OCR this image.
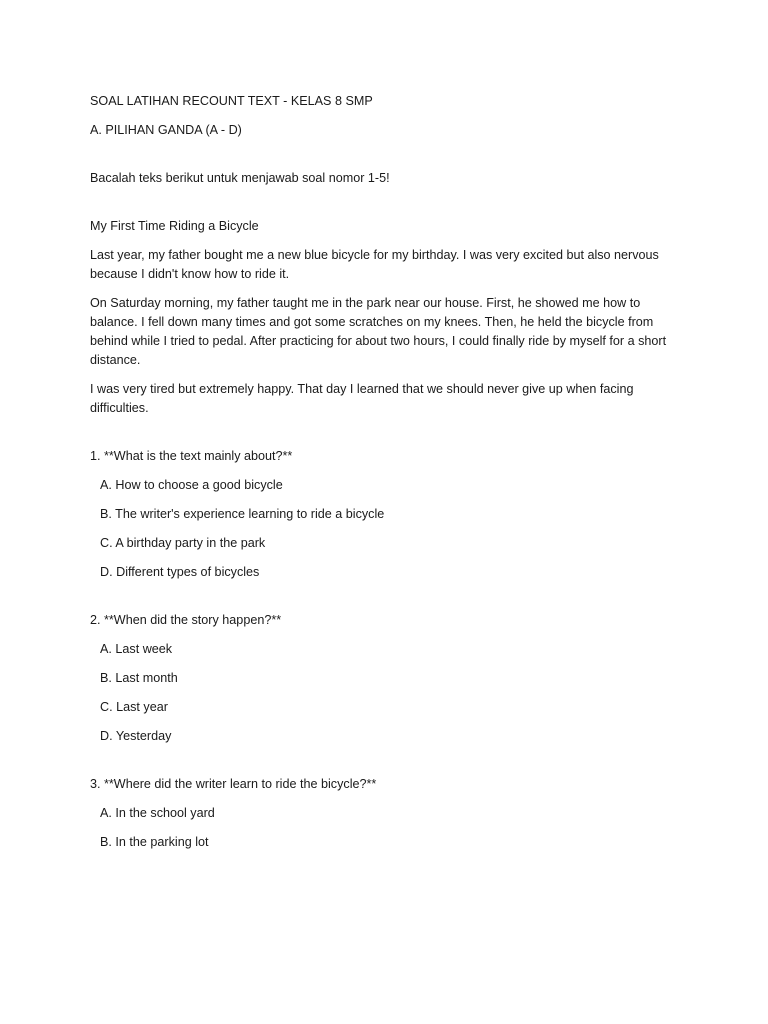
SOAL LATIHAN RECOUNT TEXT - KELAS 8 SMP

A. PILIHAN GANDA (A - D)

Bacalah teks berikut untuk menjawab soal nomor 1-5!

My First Time Riding a Bicycle

Last year, my father bought me a new blue bicycle for my birthday. I was very excited but also nervous because I didn't know how to ride it.

On Saturday morning, my father taught me in the park near our house. First, he showed me how to balance. I fell down many times and got some scratches on my knees. Then, he held the bicycle from behind while I tried to pedal. After practicing for about two hours, I could finally ride by myself for a short distance.

I was very tired but extremely happy. That day I learned that we should never give up when facing difficulties.

1. **What is the text mainly about?**

A. How to choose a good bicycle

B. The writer's experience learning to ride a bicycle

C. A birthday party in the park

D. Different types of bicycles

2. **When did the story happen?**

A. Last week

B. Last month

C. Last year

D. Yesterday

3. **Where did the writer learn to ride the bicycle?**

A. In the school yard

B. In the parking lot
